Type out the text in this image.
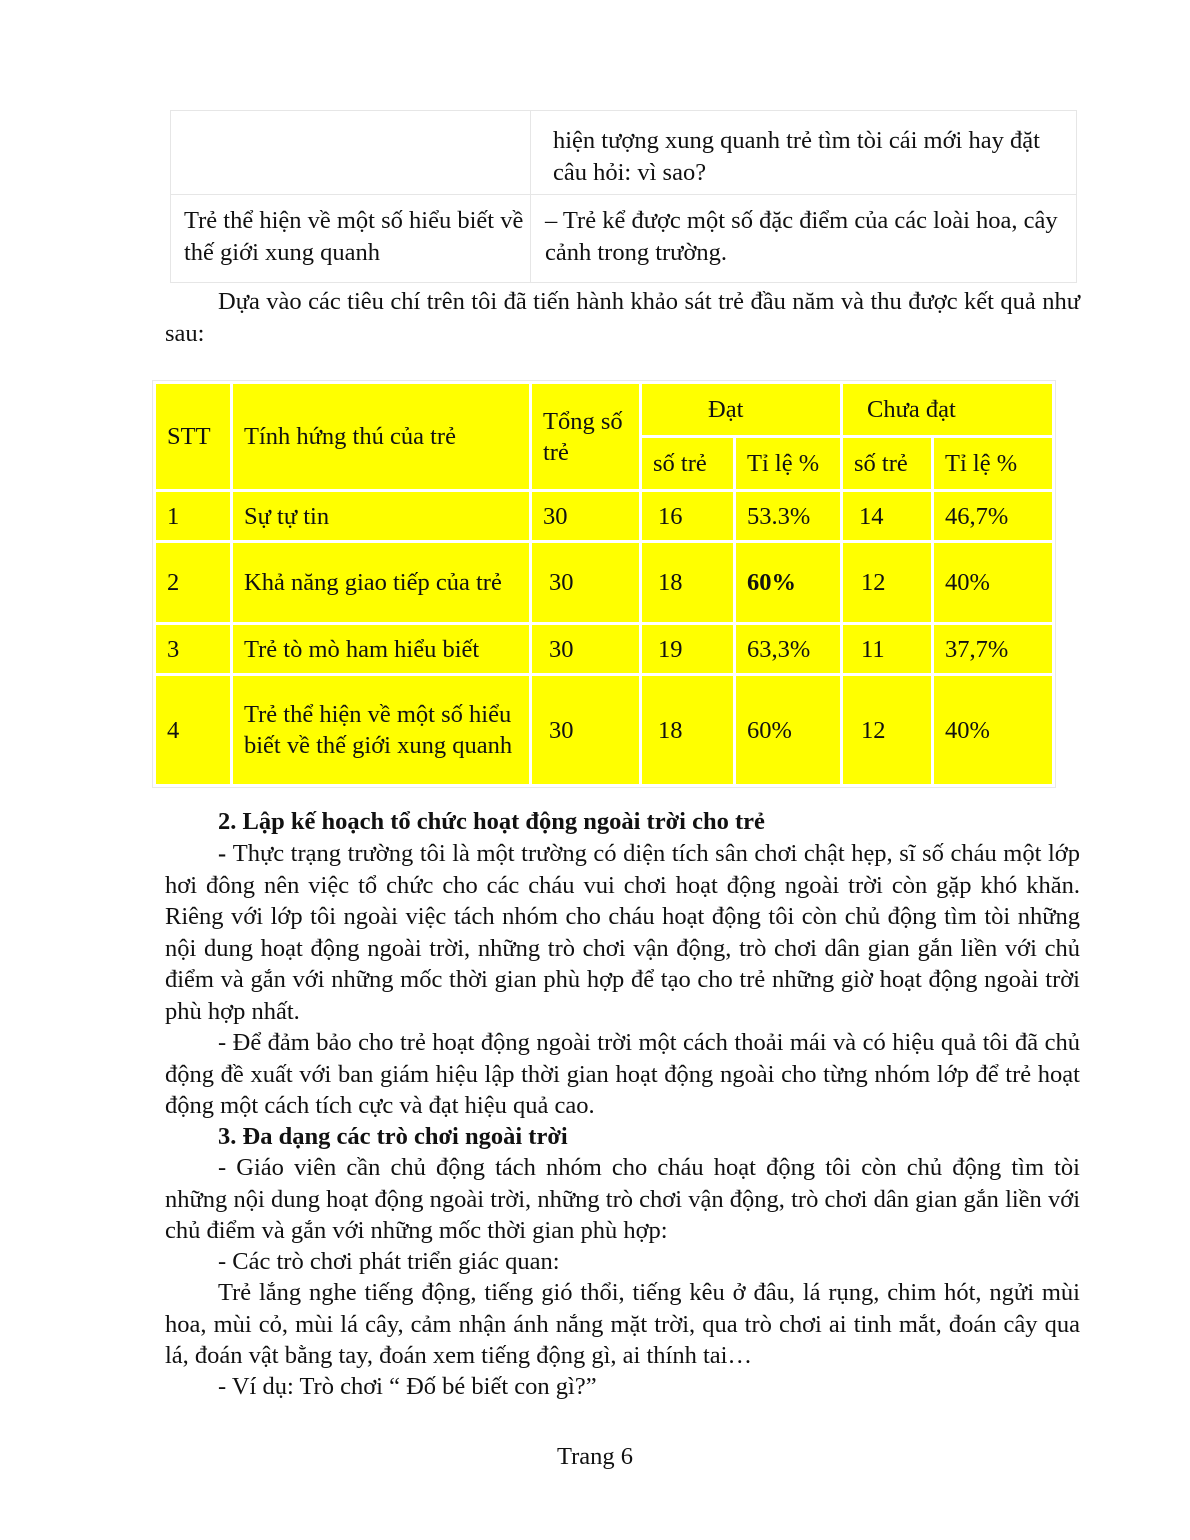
	hiện tượng xung quanh trẻ tìm tòi cái mới hay đặt câu hỏi: vì sao?

Trẻ thể hiện về một số hiểu biết về thế giới xung quanh	– Trẻ kể được một số đặc điểm của các loài hoa, cây cảnh trong trường.
Dựa vào các tiêu chí trên tôi đã tiến hành khảo sát trẻ đầu năm và thu được kết quả như sau:
STT	Tính hứng thú của trẻ	Tổng số trẻ	Đạt		Chưa đạt	
			số trẻ	Tỉ lệ %	số trẻ	Tỉ lệ %
1	Sự tự tin	30	16	53.3%	14	46,7%
2	Khả năng giao tiếp của trẻ	30	18	60%	12	40%
3	Trẻ tò mò ham hiểu biết	30	19	63,3%	11	37,7%
4	Trẻ thể hiện về một số hiểu biết về thế giới xung quanh	30	18	60%	12	40%
2. Lập kế hoạch tổ chức hoạt động ngoài trời cho trẻ
- Thực trạng trường tôi là một trường có diện tích sân chơi chật hẹp, sĩ số cháu một lớp hơi đông nên việc tổ chức cho các cháu vui chơi hoạt động ngoài trời còn gặp khó khăn. Riêng với lớp tôi ngoài việc tách nhóm cho cháu hoạt động tôi còn chủ động tìm tòi những nội dung hoạt động ngoài trời, những trò chơi vận động, trò chơi dân gian gắn liền với chủ điểm và gắn với những mốc thời gian phù hợp để tạo cho trẻ những giờ hoạt động ngoài trời phù hợp nhất.
- Để đảm bảo cho trẻ hoạt động ngoài trời một cách thoải mái và có hiệu quả tôi đã chủ động đề xuất với ban giám hiệu lập thời gian hoạt động ngoài cho từng nhóm lớp để trẻ hoạt động một cách tích cực và đạt hiệu quả cao.
3. Đa dạng các trò chơi ngoài trời
- Giáo viên cần chủ động tách nhóm cho cháu hoạt động tôi còn chủ động tìm tòi những nội dung hoạt động ngoài trời, những trò chơi vận động, trò chơi dân gian gắn liền với chủ điểm và gắn với những mốc thời gian phù hợp:
- Các trò chơi phát triển giác quan:
Trẻ lắng nghe tiếng động, tiếng gió thổi, tiếng kêu ở đâu, lá rụng, chim hót, ngửi mùi hoa, mùi cỏ, mùi lá cây, cảm nhận ánh nắng mặt trời, qua trò chơi ai tinh mắt, đoán cây qua lá, đoán vật bằng tay, đoán xem tiếng động gì, ai thính tai…
- Ví dụ: Trò chơi “ Đố bé biết con gì?”
Trang 6
